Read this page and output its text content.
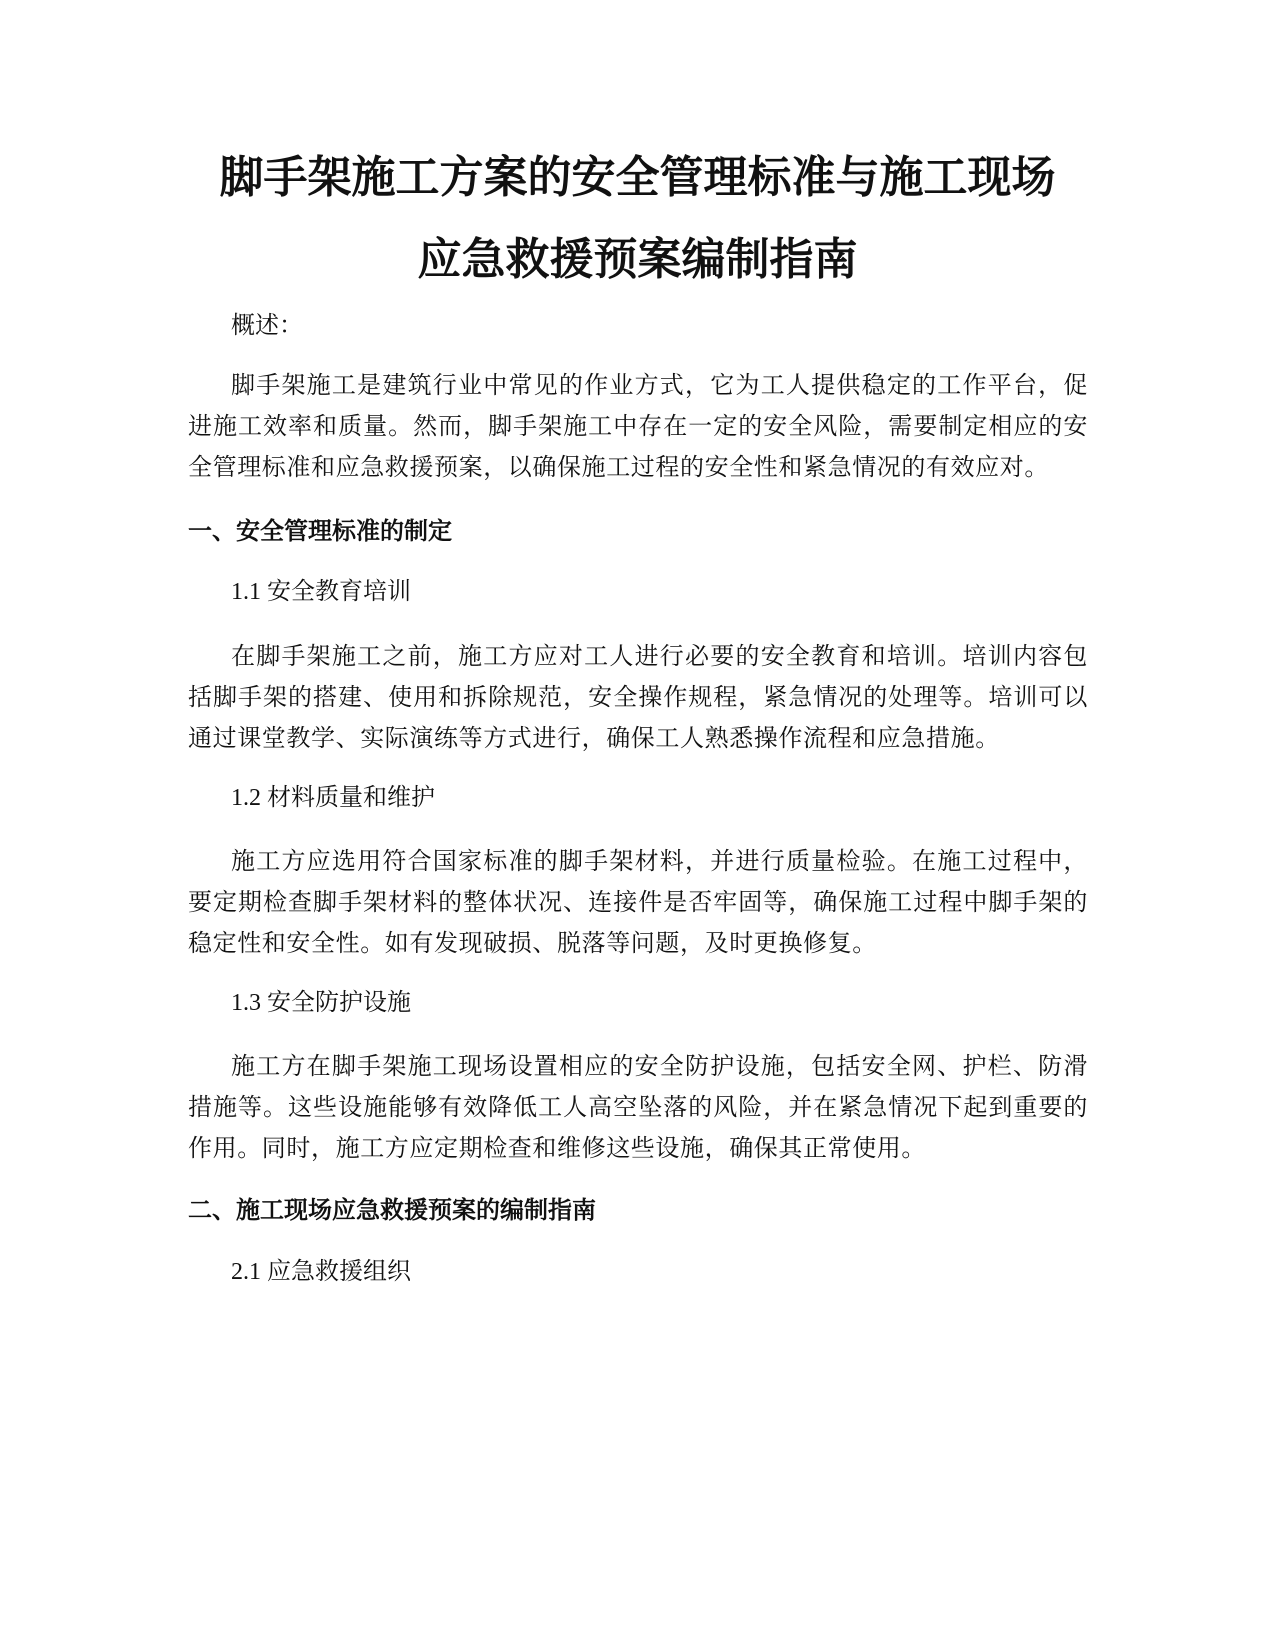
脚手架施工方案的安全管理标准与施工现场
应急救援预案编制指南

概述：

脚手架施工是建筑行业中常见的作业方式，它为工人提供稳定的工作平台，促进施工效率和质量。然而，脚手架施工中存在一定的安全风险，需要制定相应的安全管理标准和应急救援预案，以确保施工过程的安全性和紧急情况的有效应对。

一、安全管理标准的制定

1.1 安全教育培训

在脚手架施工之前，施工方应对工人进行必要的安全教育和培训。培训内容包括脚手架的搭建、使用和拆除规范，安全操作规程，紧急情况的处理等。培训可以通过课堂教学、实际演练等方式进行，确保工人熟悉操作流程和应急措施。

1.2 材料质量和维护

施工方应选用符合国家标准的脚手架材料，并进行质量检验。在施工过程中，要定期检查脚手架材料的整体状况、连接件是否牢固等，确保施工过程中脚手架的稳定性和安全性。如有发现破损、脱落等问题，及时更换修复。

1.3 安全防护设施

施工方在脚手架施工现场设置相应的安全防护设施，包括安全网、护栏、防滑措施等。这些设施能够有效降低工人高空坠落的风险，并在紧急情况下起到重要的作用。同时，施工方应定期检查和维修这些设施，确保其正常使用。

二、施工现场应急救援预案的编制指南

2.1 应急救援组织
